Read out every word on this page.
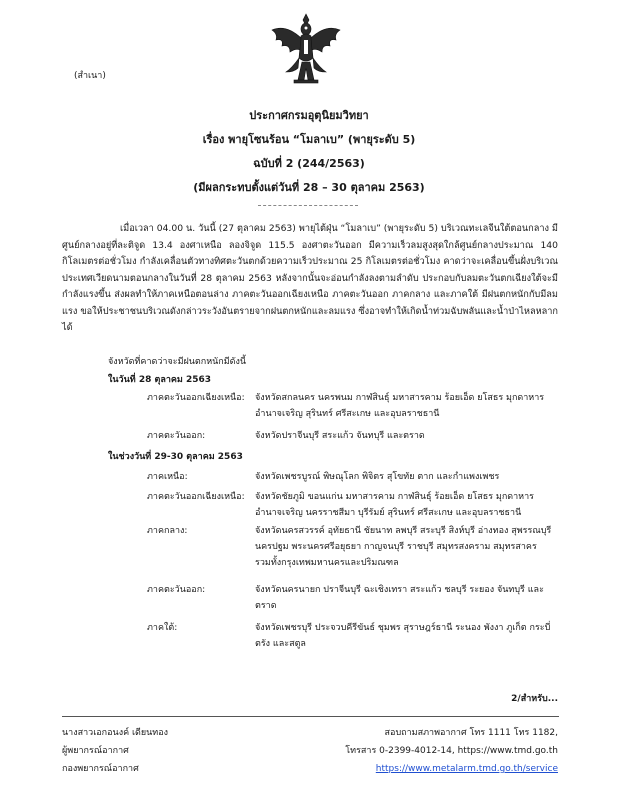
(สำเนา)
ประกาศกรมอุตุนิยมวิทยา
เรื่อง พายุโซนร้อน “โมลาเบ” (พายุระดับ 5)
ฉบับที่ 2 (244/2563)
(มีผลกระทบตั้งแต่วันที่ 28 – 30 ตุลาคม 2563)
เมื่อเวลา 04.00 น. วันนี้ (27 ตุลาคม 2563) พายุไต้ฝุ่น “โมลาเบ” (พายุระดับ 5) บริเวณทะเลจีนใต้ตอนกลาง มีศูนย์กลางอยู่ที่ละติจูด 13.4 องศาเหนือ ลองจิจูด 115.5 องศาตะวันออก มีความเร็วลมสูงสุดใกล้ศูนย์กลางประมาณ 140 กิโลเมตรต่อชั่วโมง กำลังเคลื่อนตัวทางทิศตะวันตกด้วยความเร็วประมาณ 25 กิโลเมตรต่อชั่วโมง คาดว่าจะเคลื่อนขึ้นฝั่งบริเวณประเทศเวียดนามตอนกลางในวันที่ 28 ตุลาคม 2563 หลังจากนั้นจะอ่อนกำลังลงตามลำดับ ประกอบกับลมตะวันตกเฉียงใต้จะมีกำลังแรงขึ้น ส่งผลทำให้ภาคเหนือตอนล่าง ภาคตะวันออกเฉียงเหนือ ภาคตะวันออก ภาคกลาง และภาคใต้ มีฝนตกหนักกับมีลมแรง ขอให้ประชาชนบริเวณดังกล่าวระวังอันตรายจากฝนตกหนักและลมแรง ซึ่งอาจทำให้เกิดน้ำท่วมฉับพลันและน้ำป่าไหลหลากได้
จังหวัดที่คาดว่าจะมีฝนตกหนักมีดังนี้
ในวันที่ 28 ตุลาคม 2563
ภาคตะวันออกเฉียงเหนือ: จังหวัดสกลนคร นครพนม กาฬสินธุ์ มหาสารคาม ร้อยเอ็ด ยโสธร มุกดาหาร อำนาจเจริญ สุรินทร์ ศรีสะเกษ และอุบลราชธานี
ภาคตะวันออก:	จังหวัดปราจีนบุรี สระแก้ว จันทบุรี และตราด
ในช่วงวันที่ 29-30 ตุลาคม 2563
ภาคเหนือ:	จังหวัดเพชรบูรณ์ พิษณุโลก พิจิตร สุโขทัย ตาก และกำแพงเพชร
ภาคตะวันออกเฉียงเหนือ: จังหวัดชัยภูมิ ขอนแก่น มหาสารคาม กาฬสินธุ์ ร้อยเอ็ด ยโสธร มุกดาหาร อำนาจเจริญ นครราชสีมา บุรีรัมย์ สุรินทร์ ศรีสะเกษ และอุบลราชธานี
ภาคกลาง:	จังหวัดนครสวรรค์ อุทัยธานี ชัยนาท ลพบุรี สระบุรี สิงห์บุรี อ่างทอง สุพรรณบุรี นครปฐม พระนครศรีอยุธยา กาญจนบุรี ราชบุรี สมุทรสงคราม สมุทรสาคร รวมทั้งกรุงเทพมหานครและปริมณฑล
ภาคตะวันออก:	จังหวัดนครนายก ปราจีนบุรี ฉะเชิงเทรา สระแก้ว ชลบุรี ระยอง จันทบุรี และตราด
ภาคใต้:	จังหวัดเพชรบุรี ประจวบคีรีขันธ์ ชุมพร สุราษฎร์ธานี ระนอง พังงา ภูเก็ต กระบี่ ตรัง และสตูล
2/สำหรับ...
นางสาวเอกอนงค์ เดียนทอง
ผู้พยากรณ์อากาศ
กองพยากรณ์อากาศ
สอบถามสภาพอากาศ โทร 1111 โทร 1182,
โทรสาร 0-2399-4012-14, https://www.tmd.go.th
https://www.metalarm.tmd.go.th/service
